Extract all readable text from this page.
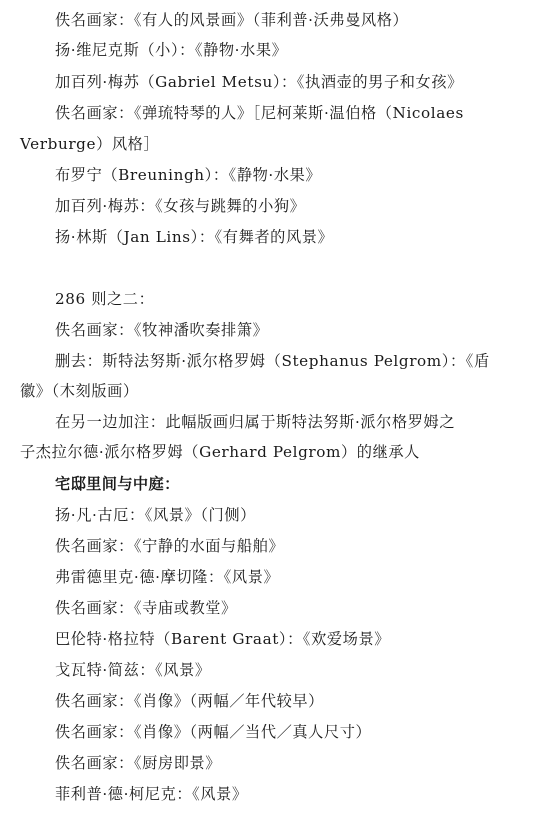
佚名画家：《有人的风景画》（菲利普·沃弗曼风格）
扬·维尼克斯（小）：《静物·水果》
加百列·梅苏（Gabriel Metsu）：《执酒壶的男子和女孩》
佚名画家：《弹琉特琴的人》［尼柯莱斯·温伯格（Nicolaes
Verburge）风格］
布罗宁（Breuningh）：《静物·水果》
加百列·梅苏：《女孩与跳舞的小狗》
扬·林斯（Jan Lins）：《有舞者的风景》
286 则之二：
佚名画家：《牧神潘吹奏排箫》
删去：斯特法努斯·派尔格罗姆（Stephanus Pelgrom）：《盾
徽》（木刻版画）
在另一边加注：此幅版画归属于斯特法努斯·派尔格罗姆之
子杰拉尔德·派尔格罗姆（Gerhard Pelgrom）的继承人
宅邸里间与中庭：
扬·凡·古厄：《风景》（门侧）
佚名画家：《宁静的水面与船舶》
弗雷德里克·德·摩切隆：《风景》
佚名画家：《寺庙或教堂》
巴伦特·格拉特（Barent Graat）：《欢爱场景》
戈瓦特·简兹：《风景》
佚名画家：《肖像》（两幅／年代较早）
佚名画家：《肖像》（两幅／当代／真人尺寸）
佚名画家：《厨房即景》
菲利普·德·柯尼克：《风景》
